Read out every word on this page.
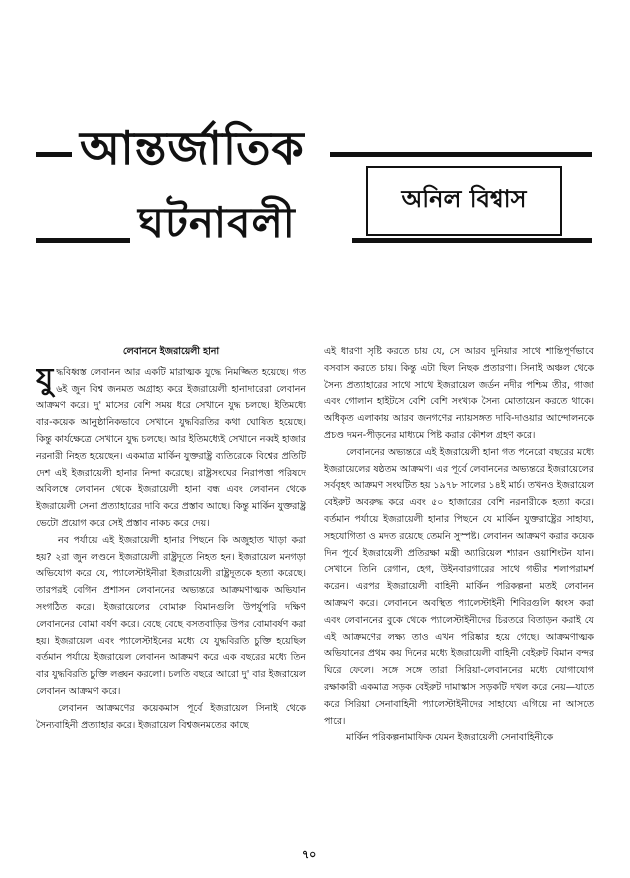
আন্তর্জাতিক
ঘটনাবলী	অনিল বিশ্বাস

লেবাননে ইজরায়েলী হানা

যুদ্ধবিধ্বস্ত লেবানন আর একটি মারাত্মক যুদ্ধে নিমজ্জিত হয়েছে। গত ৬ই জুন বিশ্ব জনমত অগ্রাহ্য করে ইজরায়েলী হানাদারেরা লেবানন আক্রমণ করে। দু' মাসের বেশি সময় ধরে সেখানে যুদ্ধ চলছে। ইতিমধ্যে বার-কয়েক আনুষ্ঠানিকভাবে সেখানে যুদ্ধবিরতির কথা ঘোষিত হয়েছে। কিন্তু কার্যক্ষেত্রে সেখানে যুদ্ধ চলছে। আর ইতিমধ্যেই সেখানে নব্বই হাজার নরনারী নিহত হয়েছেন। একমাত্র মার্কিন যুক্তরাষ্ট্র ব্যতিরেকে বিশ্বের প্রতিটি দেশ এই ইজরায়েলী হানার নিন্দা করেছে। রাষ্ট্রসংঘের নিরাপত্তা পরিষদে অবিলম্বে লেবানন থেকে ইজরায়েলী হানা বন্ধ এবং লেবানন থেকে ইজরায়েলী সেনা প্রত্যাহারের দাবি করে প্রস্তাব আছে। কিন্তু মার্কিন যুক্তরাষ্ট্র ভেটো প্রয়োগ করে সেই প্রস্তাব নাকচ করে দেয়।

নব পর্যায়ে এই ইজরায়েলী হানার পিছনে কি অজুহাত খাড়া করা হয়? ২রা জুন লণ্ডনে ইজরায়েলী রাষ্ট্রদূতে নিহত হন। ইজরায়েল মনগড়া অভিযোগ করে যে, প্যালেস্টাইনীরা ইজরায়েলী রাষ্ট্রদূতকে হত্যা করেছে। তারপরই বেগিন প্রশাসন লেবাননের অভ্যন্তরে আক্রমণাত্মক অভিযান সংগঠিত করে। ইজরায়েলের বোমারু বিমানগুলি উপর্যুপরি দক্ষিণ লেবাননের বোমা বর্ষণ করে। বেছে বেছে বসতবাড়ির উপর বোমাবর্ষণ করা হয়। ইজরায়েল এবং প্যালেস্টাইনের মধ্যে যে যুদ্ধবিরতি চুক্তি হয়েছিল বর্তমান পর্যায়ে ইজরায়েল লেবানন আক্রমণ করে এক বছরের মধ্যে তিন বার যুদ্ধবিরতি চুক্তি লঙ্ঘন করলো। চলতি বছরে আরো দু' বার ইজরায়েল লেবানন আক্রমণ করে।

লেবানন আক্রমণের কয়েকমাস পূর্বে ইজরায়েল সিনাই থেকে সৈন্যবাহিনী প্রত্যাহার করে। ইজরায়েল বিশ্বজনমতের কাছে

এই ধারণা সৃষ্টি করতে চায় যে, সে আরব দুনিয়ার সাথে শান্তিপূর্ণভাবে বসবাস করতে চায়। কিন্তু এটা ছিল নিছক প্রতারণা। সিনাই অঞ্চল থেকে সৈন্য প্রত্যাহারের সাথে সাথে ইজরায়েল জর্ডন নদীর পশ্চিম তীর, গাজা এবং গোলান হাইটসে বেশি বেশি সংখ্যক সৈন্য মোতায়েন করতে থাকে। অধিকৃত এলাকায় আরব জনগণের ন্যায়সঙ্গত দাবি-দাওয়ার আন্দোলনকে প্রচণ্ড দমন-পীড়নের মাধ্যমে পিষ্ট করার কৌশল গ্রহণ করে।

লেবাননের অভ্যন্তরে এই ইজরায়েলী হানা গত পনেরো বছরের মধ্যে ইজরায়েলের ষষ্ঠতম আক্রমণ। এর পূর্বে লেবাননের অভ্যন্তরে ইজরায়েলের সর্ববৃহৎ আক্রমণ সংঘটিত হয় ১৯৭৮ সালের ১৪ই মার্চ। তখনও ইজরায়েল বেইরুট অবরুদ্ধ করে এবং ৫০ হাজারের বেশি নরনারীকে হত্যা করে। বর্তমান পর্যায়ে ইজরায়েলী হানার পিছনে যে মার্কিন যুক্তরাষ্ট্রের সাহায্য, সহযোগিতা ও মদত রয়েছে তেমনি সুস্পষ্ট। লেবানন আক্রমণ করার কয়েক দিন পূর্বে ইজরায়েলী প্রতিরক্ষা মন্ত্রী অ্যারিয়েল শ্যারন ওয়াশিংটন যান। সেখানে তিনি রেগান, হেগ, উইনবারগারের সাথে গভীর শলাপরামর্শ করেন। এরপর ইজরায়েলী বাহিনী মার্কিন পরিকল্পনা মতই লেবানন আক্রমণ করে। লেবাননে অবস্থিত প্যালেস্টাইনী শিবিরগুলি ধ্বংস করা এবং লেবাননের বুকে থেকে প্যালেস্টাইনীদের চিরতরে বিতাড়ন করাই যে এই আক্রমণের লক্ষ্য তাও এখন পরিষ্কার হয়ে গেছে। আক্রমণাত্মক অভিযানের প্রথম কয় দিনের মধ্যে ইজরায়েলী বাহিনী বেইরুট বিমান বন্দর ঘিরে ফেলে। সঙ্গে সঙ্গে তারা সিরিয়া-লেবাননের মধ্যে যোগাযোগ রক্ষাকারী একমাত্র সড়ক বেইরুট দামাস্কাস সড়কটি দখল করে নেয়—যাতে করে সিরিয়া সেনাবাহিনী প্যালেস্টাইনীদের সাহায্যে এগিয়ে না আসতে পারে।

মার্কিন পরিকল্পনামাফিক যেমন ইজরায়েলী সেনাবাহিনীকে

৭০
